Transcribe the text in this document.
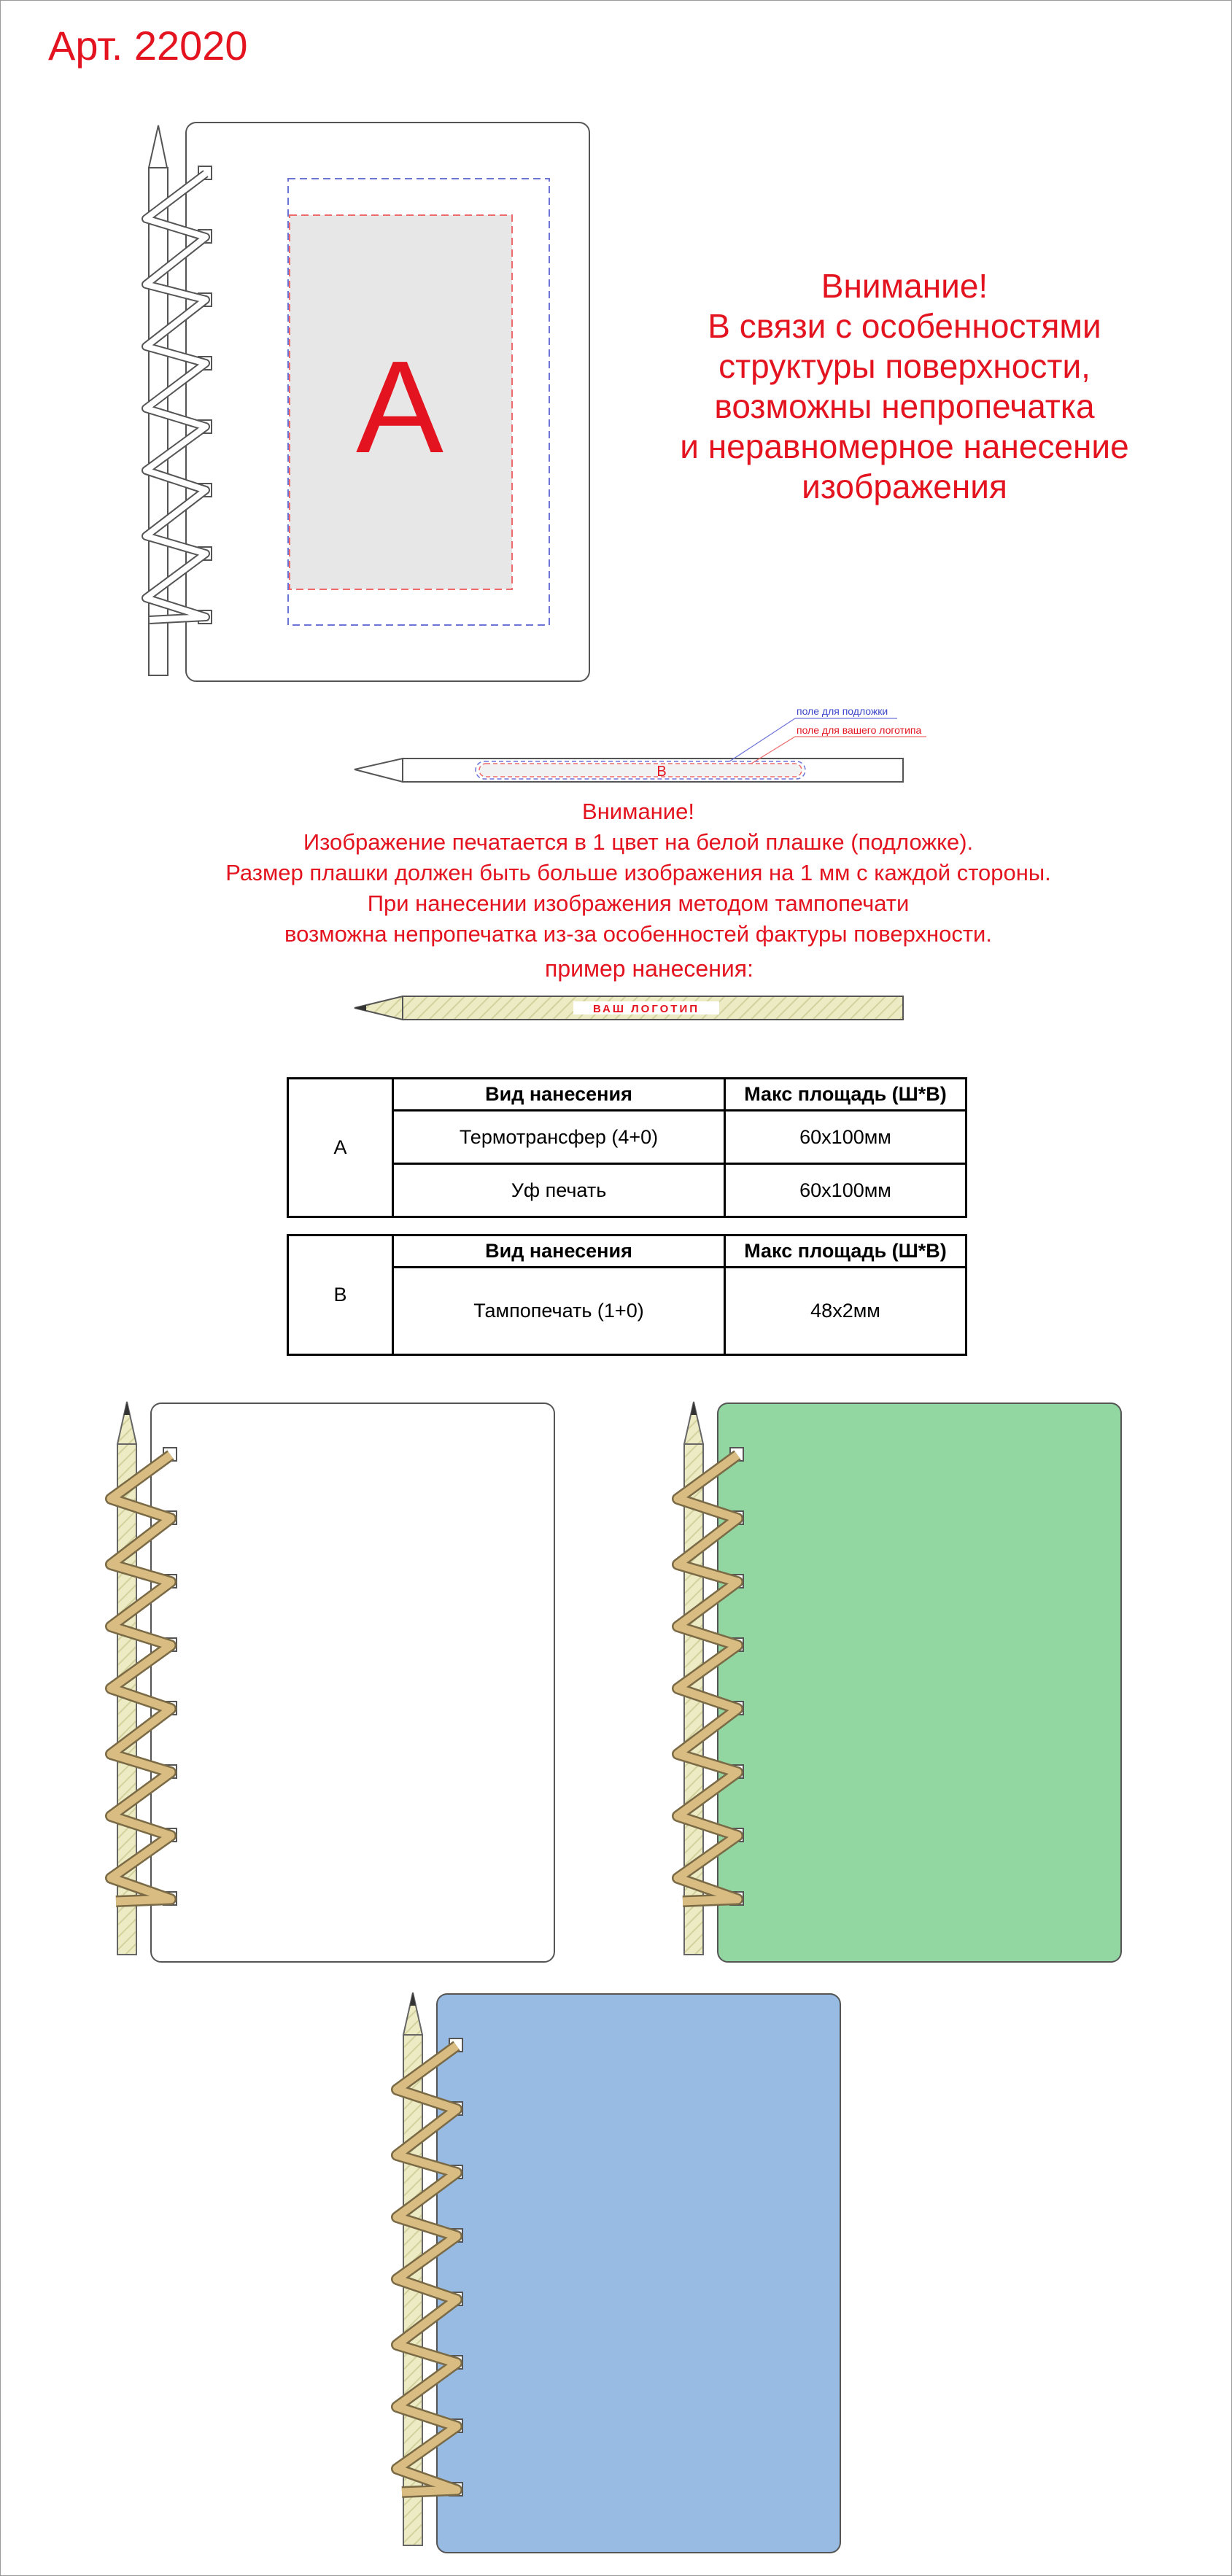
Арт. 22020
A
B
поле для подложки
поле для вашего логотипа
Внимание!
В связи с особенностями
структуры поверхности,
возможны непропечатка
и неравномерное нанесение
изображения
Внимание!
Изображение печатается в 1 цвет на белой плашке (подложке).
Размер плашки должен быть больше изображения на 1 мм с каждой стороны.
При нанесении изображения методом тампопечати
возможна непропечатка из-за особенностей фактуры поверхности.
пример нанесения:
ВАШ ЛОГОТИП
A	Вид нанесения	Макс площадь (Ш*В)
	Термотрансфер (4+0)	60x100мм
	Уф печать	60x100мм
B	Вид нанесения	Макс площадь (Ш*В)
	Тампопечать (1+0)	48x2мм
